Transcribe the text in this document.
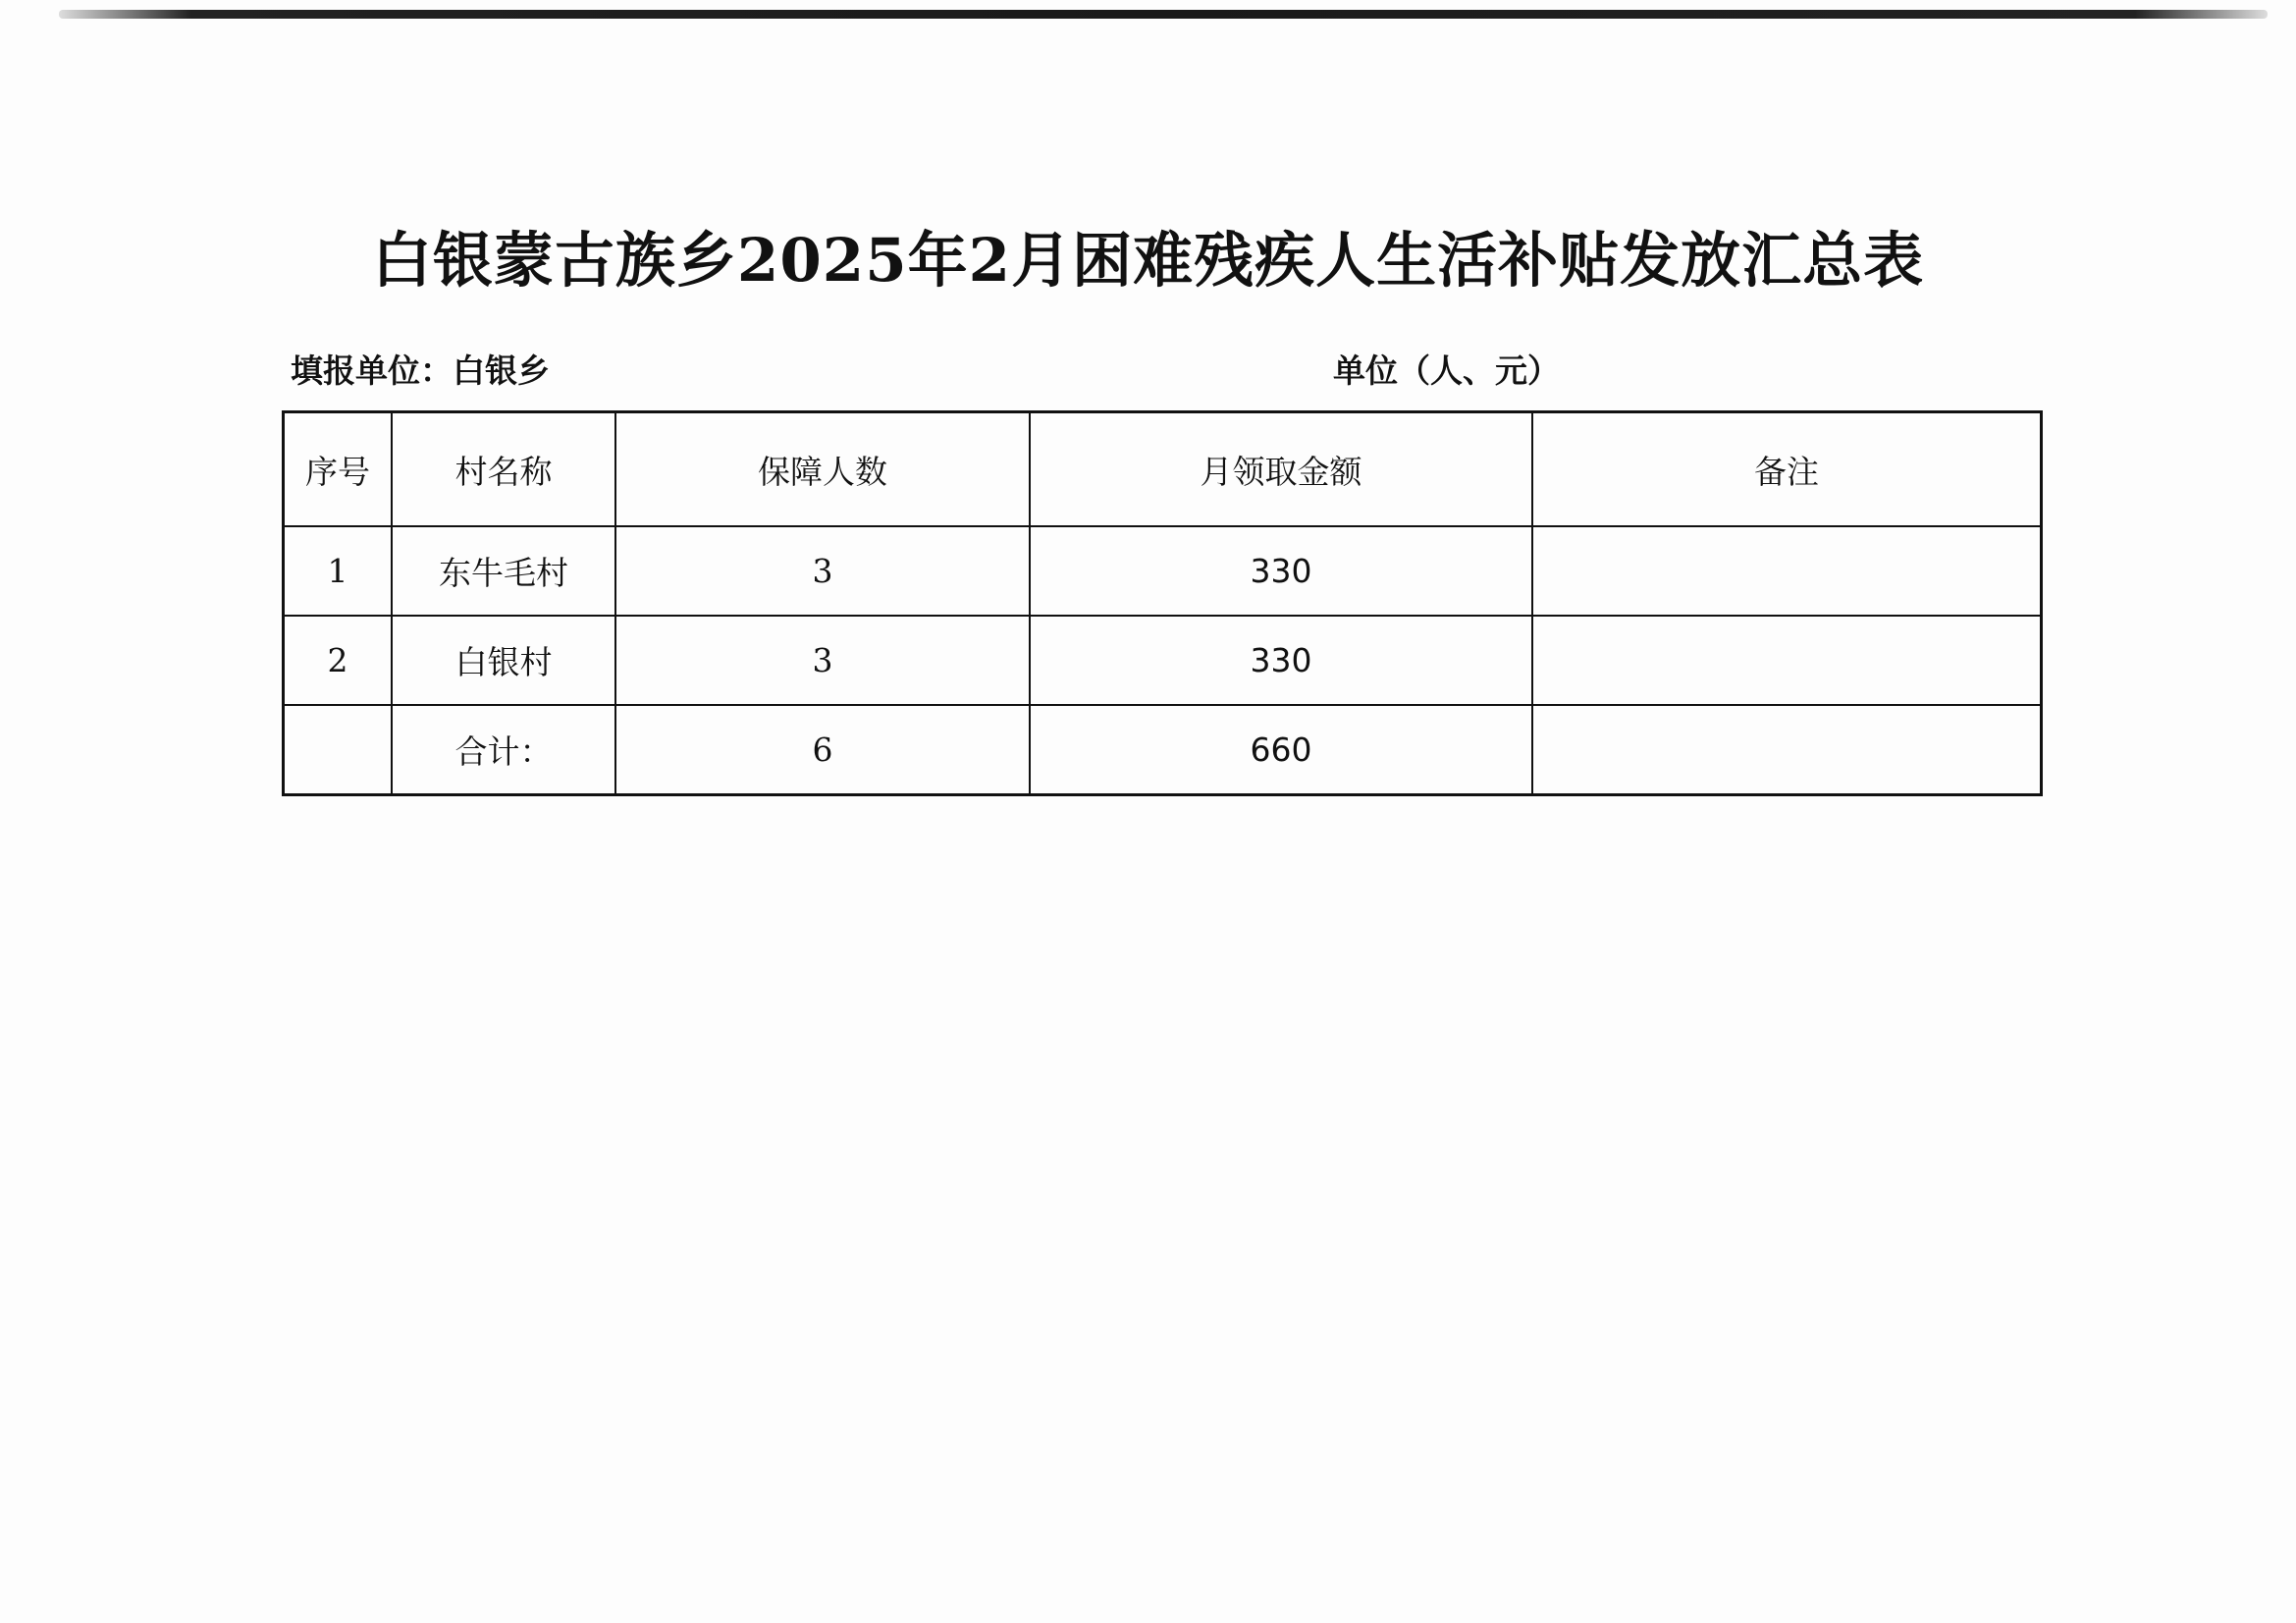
白银蒙古族乡2025年2月困难残疾人生活补贴发放汇总表
填报单位：白银乡	单位（人、元）
序号	村名称	保障人数	月领取金额	备注
1	东牛毛村	3	330	
2	白银村	3	330	
	合计：	6	660	
